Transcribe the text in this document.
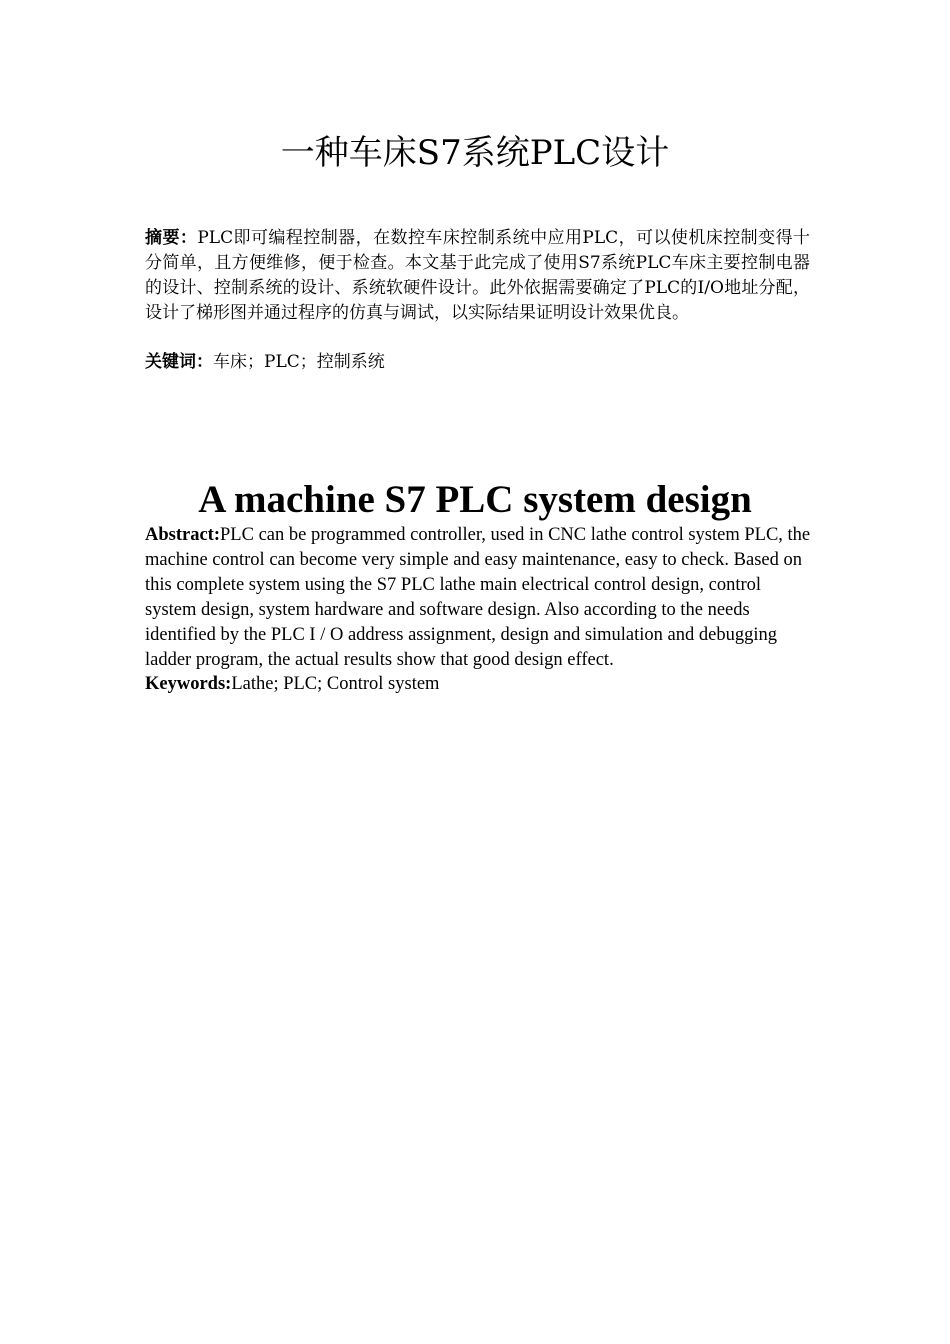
一种车床S7系统PLC设计
摘要：PLC即可编程控制器，在数控车床控制系统中应用PLC，可以使机床控制变得十分简单，且方便维修，便于检查。本文基于此完成了使用S7系统PLC车床主要控制电器的设计、控制系统的设计、系统软硬件设计。此外依据需要确定了PLC的I/O地址分配，设计了梯形图并通过程序的仿真与调试，以实际结果证明设计效果优良。
关键词：车床；PLC；控制系统
A machine S7 PLC system design
Abstract:PLC can be programmed controller, used in CNC lathe control system PLC, the machine control can become very simple and easy maintenance, easy to check. Based on this complete system using the S7 PLC lathe main electrical control design, control system design, system hardware and software design. Also according to the needs identified by the PLC I / O address assignment, design and simulation and debugging ladder program, the actual results show that good design effect.
Keywords:Lathe; PLC; Control system
